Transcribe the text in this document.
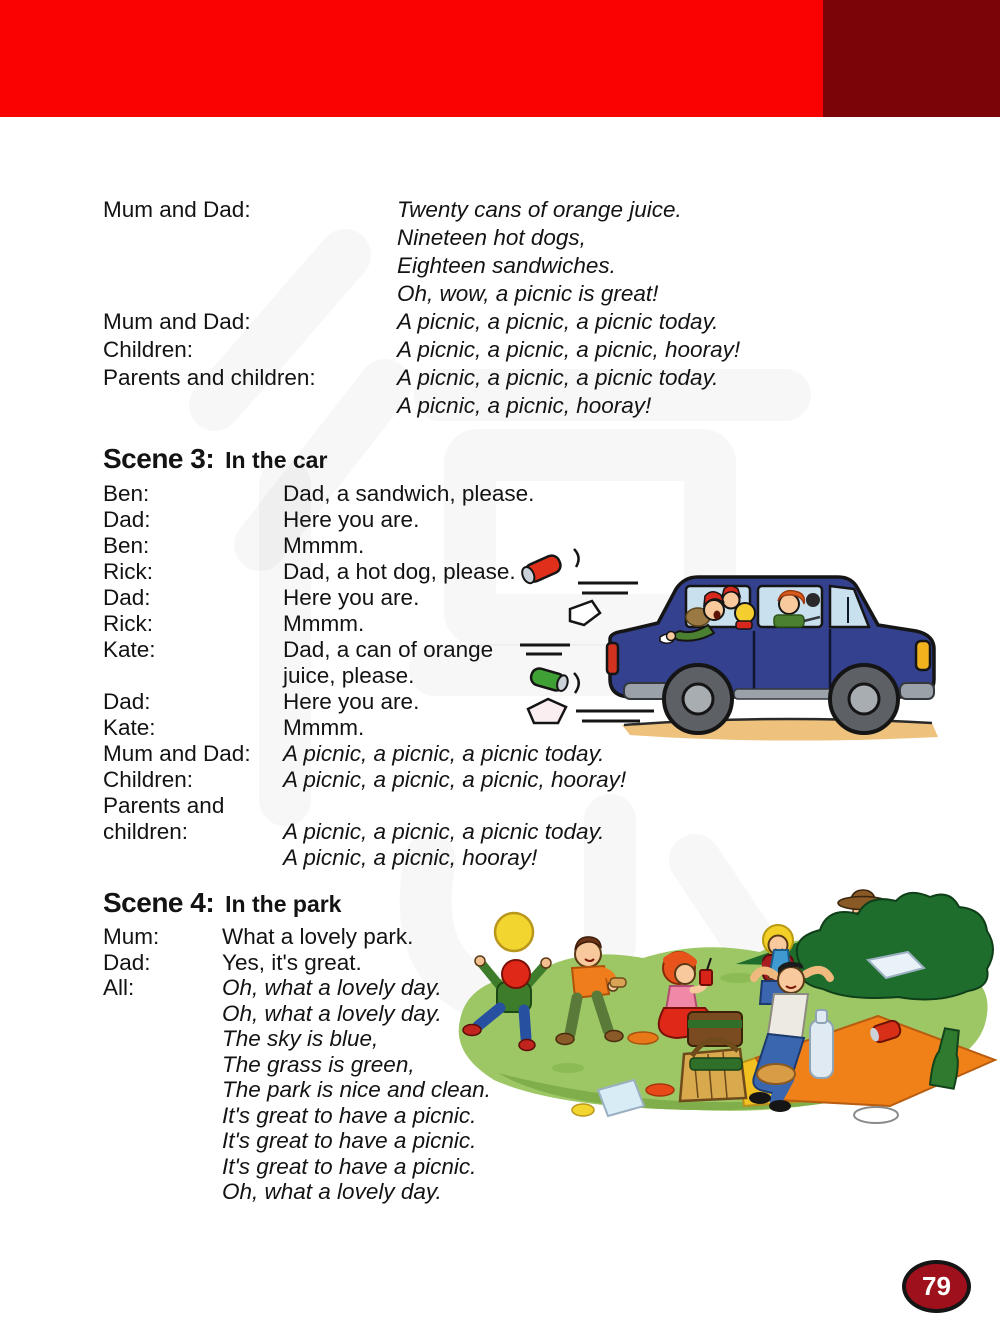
Mum and Dad:	Twenty cans of orange juice.
Nineteen hot dogs,
Eighteen sandwiches.
Oh, wow, a picnic is great!
Mum and Dad:	A picnic, a picnic, a picnic today.
Children:	A picnic, a picnic, a picnic, hooray!
Parents and children:	A picnic, a picnic, a picnic today.
A picnic, a picnic, hooray!
Scene 3: In the car
Ben:	Dad, a sandwich, please.
Dad:	Here you are.
Ben:	Mmmm.
Rick:	Dad, a hot dog, please.
Dad:	Here you are.
Rick:	Mmmm.
Kate:	Dad, a can of orange
juice, please.
Dad:	Here you are.
Kate:	Mmmm.
Mum and Dad:	A picnic, a picnic, a picnic today.
Children:	A picnic, a picnic, a picnic, hooray!
Parents and
children:	A picnic, a picnic, a picnic today.
A picnic, a picnic, hooray!
Scene 4: In the park
Mum:	What a lovely park.
Dad:	Yes, it's great.
All:	Oh, what a lovely day.
Oh, what a lovely day.
The sky is blue,
The grass is green,
The park is nice and clean.
It's great to have a picnic.
It's great to have a picnic.
It's great to have a picnic.
Oh, what a lovely day.
79
